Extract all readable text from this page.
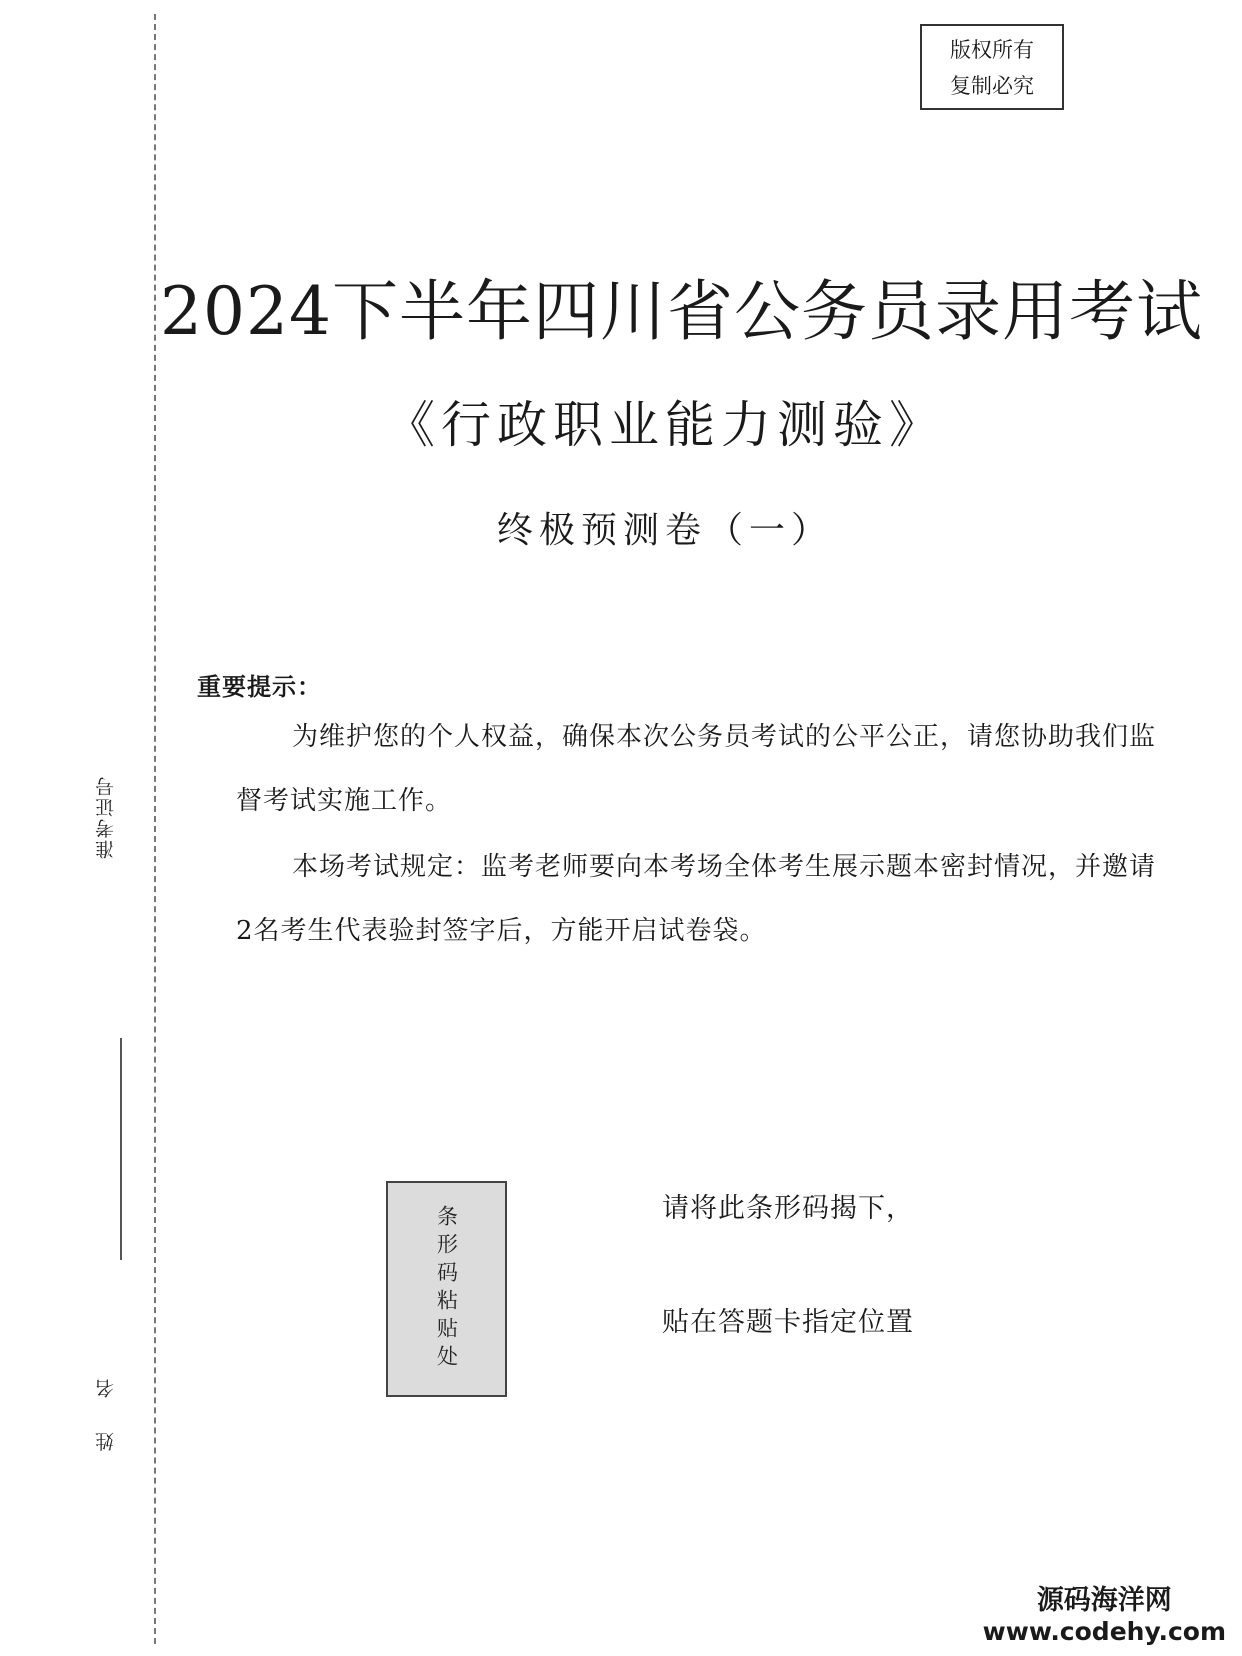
准考证号
姓名
版权所有
复制必究
2024下半年四川省公务员录用考试
《行政职业能力测验》
终极预测卷（一）
重要提示：
为维护您的个人权益，确保本次公务员考试的公平公正，请您协助我们监督考试实施工作。
本场考试规定：监考老师要向本考场全体考生展示题本密封情况，并邀请2名考生代表验封签字后，方能开启试卷袋。
条形码粘贴处	请将此条形码揭下，
贴在答题卡指定位置
源码海洋网
www.codehy.com
